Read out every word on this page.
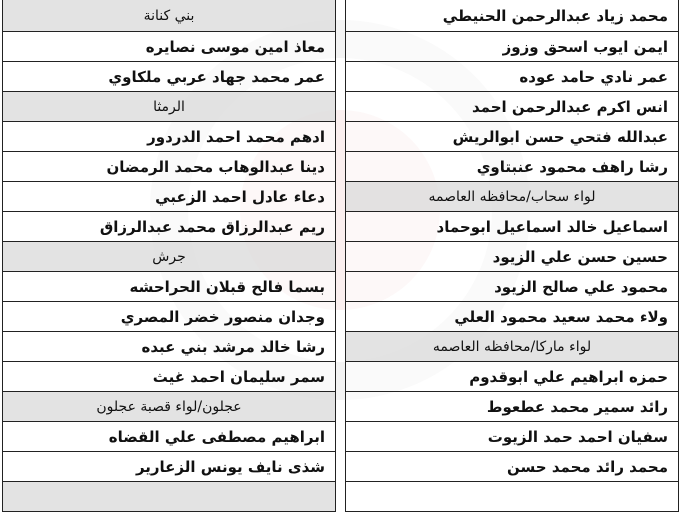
محمد زياد عبدالرحمن الحنيطي
ايمن ايوب اسحق وزوز
عمر نادي حامد عوده
انس اكرم عبدالرحمن احمد
عبدالله فتحي حسن ابوالريش
رشا راهف محمود عنبتاوي
لواء سحاب/محافظه العاصمه
اسماعيل خالد اسماعيل ابوحماد
حسين حسن علي الزيود
محمود علي صالح الزيود
ولاء محمد سعيد محمود العلي
لواء ماركا/محافظه العاصمه
حمزه ابراهيم علي ابوقدوم
رائد سمير محمد عطعوط
سفيان احمد حمد الزيوت
محمد رائد محمد حسن
بني كنانة
معاذ امين موسى نصايره
عمر محمد جهاد عربي ملكاوي
الرمثا
ادهم محمد احمد الدردور
دينا عبدالوهاب محمد الرمضان
دعاء عادل احمد الزعبي
ريم عبدالرزاق محمد عبدالرزاق
جرش
بسما فالح قبلان الحراحشه
وجدان منصور خضر المصري
رشا خالد مرشد بني عبده
سمر سليمان احمد غيث
عجلون/لواء قصبة عجلون
ابراهيم مصطفى علي القضاه
شذى نايف يونس الزعارير
